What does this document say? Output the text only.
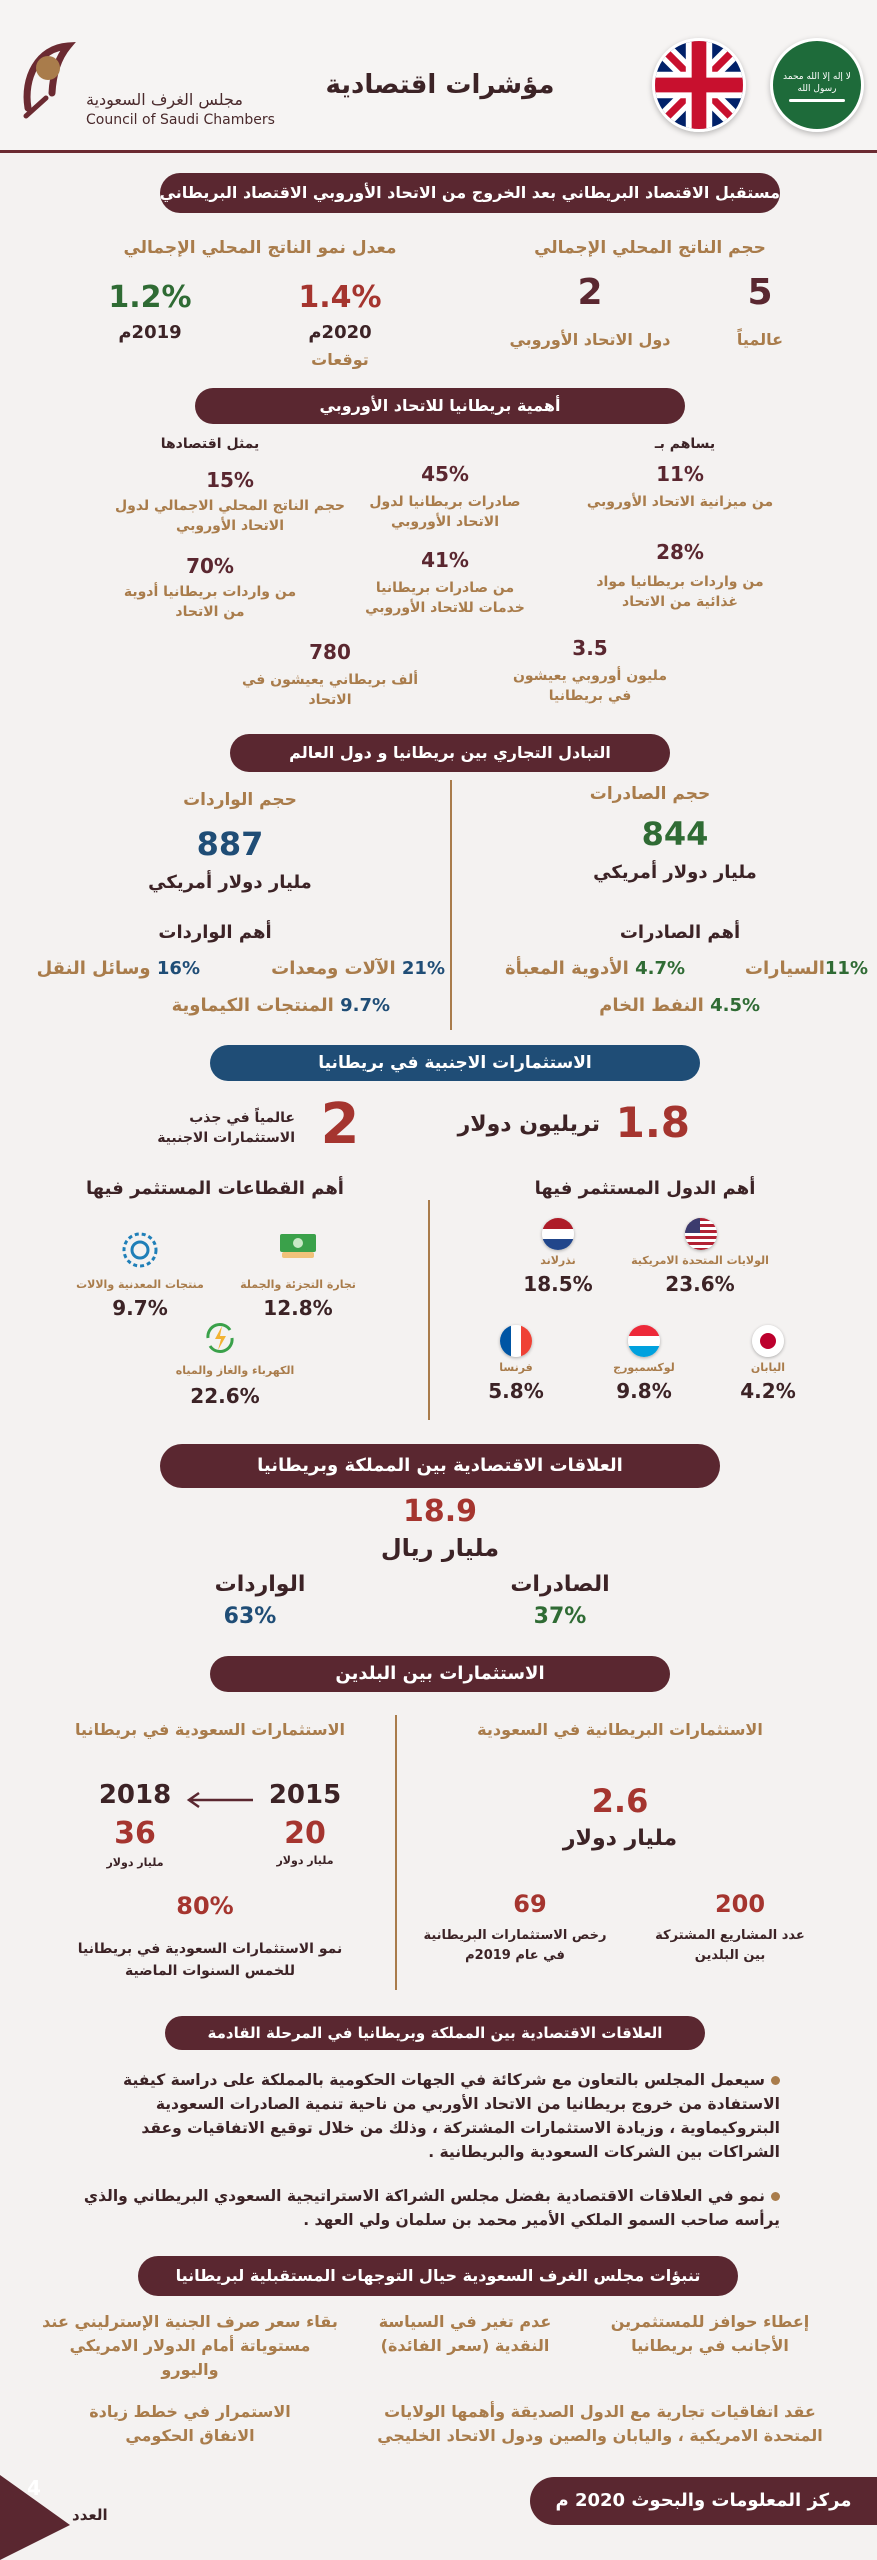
لا إله إلا الله محمد رسول الله
مؤشرات اقتصادية
مجلس الغرف السعودية
Council of Saudi Chambers
مستقبل الاقتصاد البريطاني بعد الخروج من الاتحاد الأوروبي الاقتصاد البريطاني
حجم الناتج المحلي الإجمالي
معدل نمو الناتج المحلي الإجمالي
5
عالمياً
2
دول الاتحاد الأوروبي
1.4%
2020م
توقعات
1.2%
2019م
أهمية بريطانيا للاتحاد الأوروبي
يساهم بـ
يمثل اقتصادها
11%
من ميزانية الاتحاد الأوروبي
45%
صادرات بريطانيا لدول الاتحاد الأوروبي
15%
حجم الناتج المحلي الاجمالي لدول الاتحاد الأوروبي
28%
من واردات بريطانيا مواد غذائية من الاتحاد
41%
من صادرات بريطانيا خدمات للاتحاد الأوروبي
70%
من واردات بريطانيا أدوية من الاتحاد
3.5
مليون أوروبي يعيشون في بريطانيا
780
ألف بريطاني يعيشون في الاتحاد
التبادل التجاري بين بريطانيا و دول العالم
حجم الصادرات
حجم الواردات
844
887
مليار دولار أمريكي
مليار دولار أمريكي
أهم الصادرات
أهم الواردات
11%السيارات
4.7% الأدوية المعبأة
4.5% النفط الخام
21% الآلات ومعدات
16% وسائل النقل
9.7% المنتجات الكيماوية
الاستثمارات الاجنبية في بريطانيا
1.8
تريليون دولار
2
عالمياً في جذب الاستثمارات الاجنبية
أهم الدول المستثمر فيها
أهم القطاعات المستثمر فيها
الولايات المتحدة الامريكية
23.6%
نذرلاند
18.5%
اليابان
4.2%
لوكسمبورج
9.8%
فرنسا
5.8%
تجارة التجزئة والجملة
12.8%
منتجات المعدنية والالات
9.7%
الكهرباء والغاز والمياه
22.6%
العلاقات الاقتصادية بين المملكة وبريطانيا
18.9
مليار ريال
الصادرات
37%
الواردات
63%
الاستثمارات بين البلدين
الاستثمارات البريطانية في السعودية
الاستثمارات السعودية في بريطانيا
2.6
مليار دولار
200
عدد المشاريع المشتركة بين البلدين
69
رخص الاستثمارات البريطانية في عام 2019م
2015
2018
20
مليار دولار
36
مليار دولار
80%
نمو الاستثمارات السعودية في بريطانيا للخمس السنوات الماضية
العلاقات الاقتصادية بين المملكة وبريطانيا في المرحلة القادمة
سيعمل المجلس بالتعاون مع شركائة في الجهات الحكومية بالمملكة على دراسة كيفية الاستفادة من خروج بريطانيا من الاتحاد الأوربي من ناحية تنمية الصادرات السعودية البتروكيماوية ، وزيادة الاستثمارات المشتركة ، وذلك من خلال توقيع الاتفاقيات وعقد الشراكات بين الشركات السعودية والبريطانية .
نمو في العلاقات الاقتصادية بفضل مجلس الشراكة الاستراتيجية السعودي البريطاني والذي يرأسه صاحب السمو الملكي الأمير محمد بن سلمان ولي العهد .
تنبؤات مجلس الغرف السعودية حيال التوجهات المستقبلية لبريطانيا
إعطاء حوافز للمستثمرين الأجانب في بريطانيا
عدم تغير في السياسة النقدية (سعر الفائدة)
بقاء سعر صرف الجنية الإسترليني عند مستوياتة أمام الدولار الامريكي واليورو
عقد اتفاقيات تجارية مع الدول الصديقة وأهمها الولايات المتحدة الامريكية ، واليابان والصين ودول الاتحاد الخليجي
الاستمرار في خطط زيادة الانفاق الحكومي
4
العدد
مركز المعلومات والبحوث 2020 م
